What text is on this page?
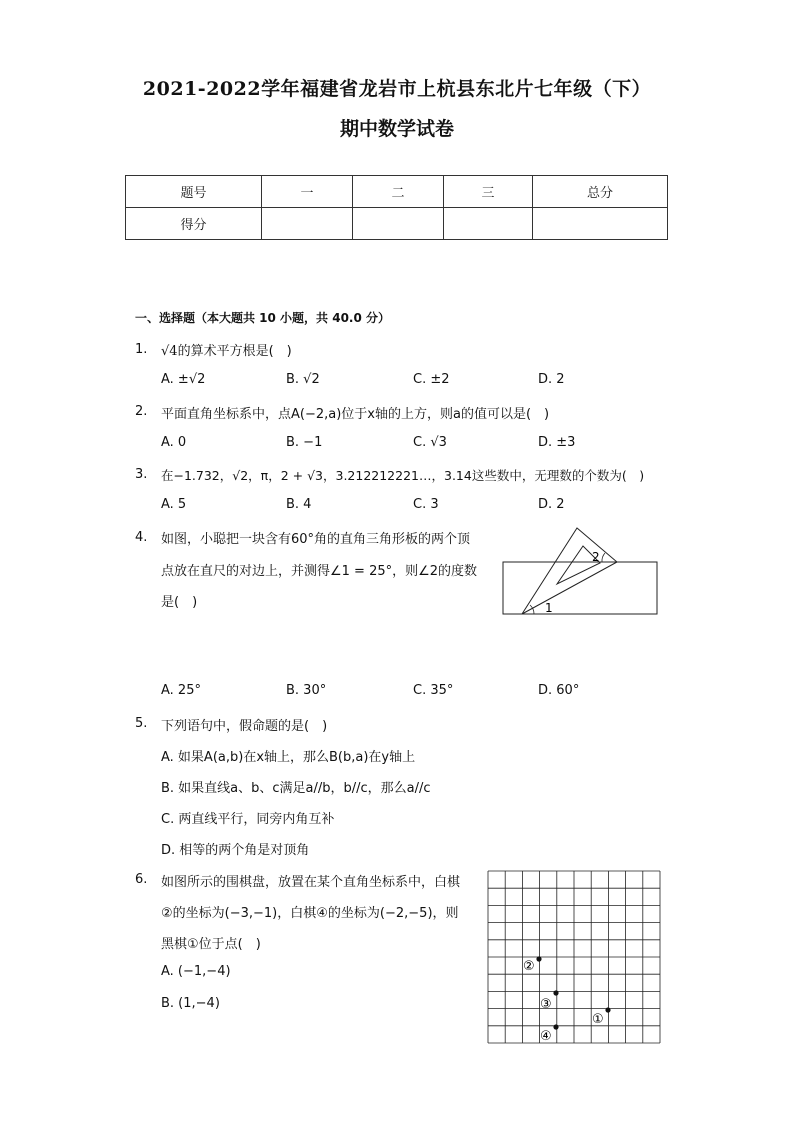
2021-2022学年福建省龙岩市上杭县东北片七年级（下）
期中数学试卷
题号	一	二	三	总分
得分				
一、选择题（本大题共 10 小题，共 40.0 分）
1. √4的算术平方根是(　)
A. ±√2	B. √2	C. ±2	D. 2
2. 平面直角坐标系中，点A(−2,a)位于x轴的上方，则a的值可以是(　)
A. 0	B. −1	C. √3	D. ±3
3. 在−1.732，√2，π，2 + √3，3.212212221…，3.14这些数中，无理数的个数为(　)
A. 5	B. 4	C. 3	D. 2
4. 如图，小聪把一块含有60°角的直角三角形板的两个顶
点放在直尺的对边上，并测得∠1 = 25°，则∠2的度数
是(　)
2
1
A. 25°	B. 30°	C. 35°	D. 60°
5. 下列语句中，假命题的是(　)
A. 如果A(a,b)在x轴上，那么B(b,a)在y轴上
B. 如果直线a、b、c满足a//b，b//c，那么a//c
C. 两直线平行，同旁内角互补
D. 相等的两个角是对顶角
6. 如图所示的围棋盘，放置在某个直角坐标系中，白棋
②的坐标为(−3,−1)，白棋④的坐标为(−2,−5)，则
黑棋①位于点(　)
A. (−1,−4)
B. (1,−4)
②
③
①
④
